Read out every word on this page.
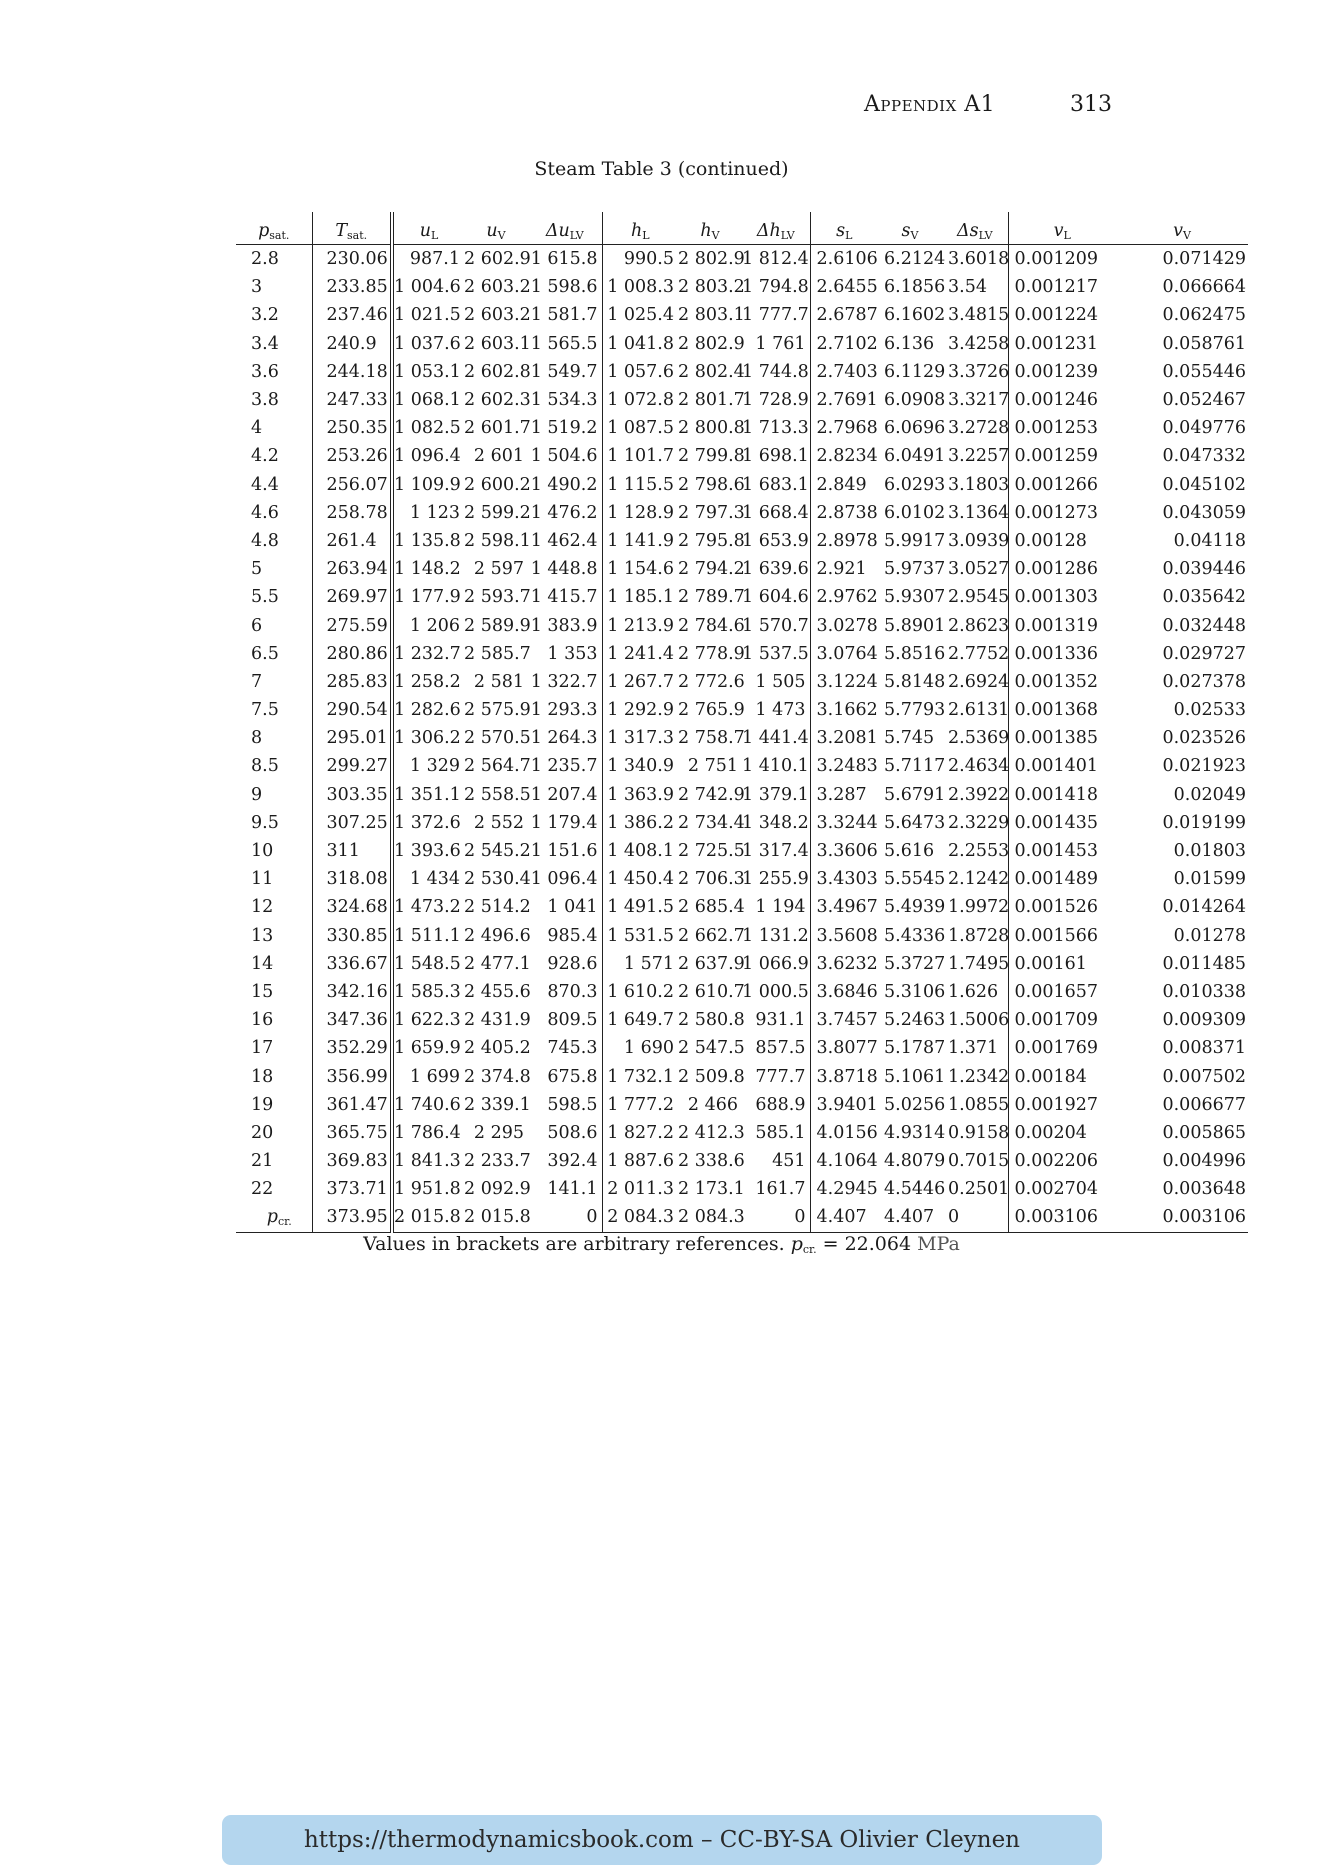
Appendix A1	313
Steam Table 3 (continued)
$p_{sat.}$	$T_{sat.}$	$u_L$	$u_V$	$\Delta u_{LV}$	$h_L$	$h_V$	$\Delta h_{LV}$	$s_L$	$s_V$	$\Delta s_{LV}$	$v_L$	$v_V$
2.8	230.06	987.1	2 602.9	1 615.8	990.5	2 802.9	1 812.4	2.6106	6.2124	3.6018	0.001209	0.071429
3	233.85	1 004.6	2 603.2	1 598.6	1 008.3	2 803.2	1 794.8	2.6455	6.1856	3.54	0.001217	0.066664
3.2	237.46	1 021.5	2 603.2	1 581.7	1 025.4	2 803.1	1 777.7	2.6787	6.1602	3.4815	0.001224	0.062475
3.4	240.9	1 037.6	2 603.1	1 565.5	1 041.8	2 802.9	1 761	2.7102	6.136	3.4258	0.001231	0.058761
3.6	244.18	1 053.1	2 602.8	1 549.7	1 057.6	2 802.4	1 744.8	2.7403	6.1129	3.3726	0.001239	0.055446
3.8	247.33	1 068.1	2 602.3	1 534.3	1 072.8	2 801.7	1 728.9	2.7691	6.0908	3.3217	0.001246	0.052467
4	250.35	1 082.5	2 601.7	1 519.2	1 087.5	2 800.8	1 713.3	2.7968	6.0696	3.2728	0.001253	0.049776
4.2	253.26	1 096.4	2 601	1 504.6	1 101.7	2 799.8	1 698.1	2.8234	6.0491	3.2257	0.001259	0.047332
4.4	256.07	1 109.9	2 600.2	1 490.2	1 115.5	2 798.6	1 683.1	2.849	6.0293	3.1803	0.001266	0.045102
4.6	258.78	1 123	2 599.2	1 476.2	1 128.9	2 797.3	1 668.4	2.8738	6.0102	3.1364	0.001273	0.043059
4.8	261.4	1 135.8	2 598.1	1 462.4	1 141.9	2 795.8	1 653.9	2.8978	5.9917	3.0939	0.00128	0.04118
5	263.94	1 148.2	2 597	1 448.8	1 154.6	2 794.2	1 639.6	2.921	5.9737	3.0527	0.001286	0.039446
5.5	269.97	1 177.9	2 593.7	1 415.7	1 185.1	2 789.7	1 604.6	2.9762	5.9307	2.9545	0.001303	0.035642
6	275.59	1 206	2 589.9	1 383.9	1 213.9	2 784.6	1 570.7	3.0278	5.8901	2.8623	0.001319	0.032448
6.5	280.86	1 232.7	2 585.7	1 353	1 241.4	2 778.9	1 537.5	3.0764	5.8516	2.7752	0.001336	0.029727
7	285.83	1 258.2	2 581	1 322.7	1 267.7	2 772.6	1 505	3.1224	5.8148	2.6924	0.001352	0.027378
7.5	290.54	1 282.6	2 575.9	1 293.3	1 292.9	2 765.9	1 473	3.1662	5.7793	2.6131	0.001368	0.02533
8	295.01	1 306.2	2 570.5	1 264.3	1 317.3	2 758.7	1 441.4	3.2081	5.745	2.5369	0.001385	0.023526
8.5	299.27	1 329	2 564.7	1 235.7	1 340.9	2 751	1 410.1	3.2483	5.7117	2.4634	0.001401	0.021923
9	303.35	1 351.1	2 558.5	1 207.4	1 363.9	2 742.9	1 379.1	3.287	5.6791	2.3922	0.001418	0.02049
9.5	307.25	1 372.6	2 552	1 179.4	1 386.2	2 734.4	1 348.2	3.3244	5.6473	2.3229	0.001435	0.019199
10	311	1 393.6	2 545.2	1 151.6	1 408.1	2 725.5	1 317.4	3.3606	5.616	2.2553	0.001453	0.01803
11	318.08	1 434	2 530.4	1 096.4	1 450.4	2 706.3	1 255.9	3.4303	5.5545	2.1242	0.001489	0.01599
12	324.68	1 473.2	2 514.2	1 041	1 491.5	2 685.4	1 194	3.4967	5.4939	1.9972	0.001526	0.014264
13	330.85	1 511.1	2 496.6	985.4	1 531.5	2 662.7	1 131.2	3.5608	5.4336	1.8728	0.001566	0.01278
14	336.67	1 548.5	2 477.1	928.6	1 571	2 637.9	1 066.9	3.6232	5.3727	1.7495	0.00161	0.011485
15	342.16	1 585.3	2 455.6	870.3	1 610.2	2 610.7	1 000.5	3.6846	5.3106	1.626	0.001657	0.010338
16	347.36	1 622.3	2 431.9	809.5	1 649.7	2 580.8	931.1	3.7457	5.2463	1.5006	0.001709	0.009309
17	352.29	1 659.9	2 405.2	745.3	1 690	2 547.5	857.5	3.8077	5.1787	1.371	0.001769	0.008371
18	356.99	1 699	2 374.8	675.8	1 732.1	2 509.8	777.7	3.8718	5.1061	1.2342	0.00184	0.007502
19	361.47	1 740.6	2 339.1	598.5	1 777.2	2 466	688.9	3.9401	5.0256	1.0855	0.001927	0.006677
20	365.75	1 786.4	2 295	508.6	1 827.2	2 412.3	585.1	4.0156	4.9314	0.9158	0.00204	0.005865
21	369.83	1 841.3	2 233.7	392.4	1 887.6	2 338.6	451	4.1064	4.8079	0.7015	0.002206	0.004996
22	373.71	1 951.8	2 092.9	141.1	2 011.3	2 173.1	161.7	4.2945	4.5446	0.2501	0.002704	0.003648
$p_{cr.}$	373.95	2 015.8	2 015.8	0	2 084.3	2 084.3	0	4.407	4.407	0	0.003106	0.003106
Values in brackets are arbitrary references. $p_{cr.} = 22.064$ MPa
https://thermodynamicsbook.com – CC-BY-SA Olivier Cleynen
